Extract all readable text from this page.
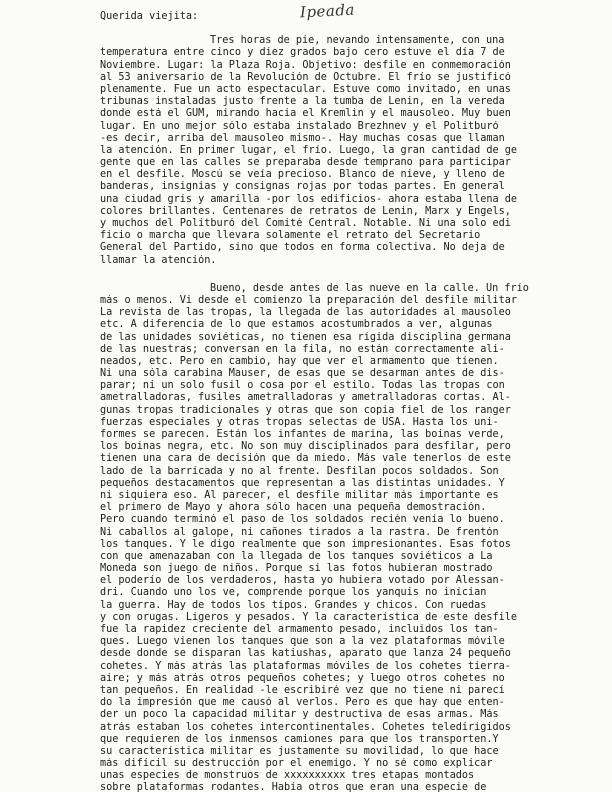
Ipeada
Querida viejita:
Tres horas de pie, nevando intensamente, con una
temperatura entre cinco y diez grados bajo cero estuve el día 7 de
Noviembre. Lugar: la Plaza Roja. Objetivo: desfile en conmemoración
al 53 aniversario de la Revolución de Octubre. El frío se justificó
plenamente. Fue un acto espectacular. Estuve como invitado, en unas
tribunas instaladas justo frente a la tumba de Lenin, en la vereda
donde está el GUM, mirando hacia el Kremlin y el mausoleo. Muy buen
lugar. En uno mejor sólo estaba instalado Brezhnev y el Politburó
-es decir, arriba del mausoleo mismo-. Hay muchas cosas que llaman
la atención. En primer lugar, el frío. Luego, la gran cantidad de ge
gente que en las calles se preparaba desde temprano para participar
en el desfile. Moscú se veía precioso. Blanco de nieve, y lleno de
banderas, insignias y consignas rojas por todas partes. En general
una ciudad gris y amarilla -por los edificios- ahora estaba llena de
colores brillantes. Centenares de retratos de Lenin, Marx y Engels,
y muchos del Politburó del Comité Central. Notable. Ni una solo edi
ficio o marcha que llevara solamente el retrato del Secretario
General del Partido, sino que todos en forma colectiva. No deja de
llamar la atención.
Bueno, desde antes de las nueve en la calle. Un frío
más o menos. Vi desde el comienzo la preparación del desfile militar
La revista de las tropas, la llegada de las autoridades al mausoleo
etc. A diferencia de lo que estamos acostumbrados a ver, algunas
de las unidades soviéticas, no tienen esa rígida disciplina germana
de las nuestras; conversan en la fila, no están correctamente ali-
neados, etc. Pero en cambio, hay que ver el armamento que tienen.
Ni una sóla carabina Mauser, de esas que se desarman antes de dis-
parar; ni un solo fusil o cosa por el estilo. Todas las tropas con
ametralladoras, fusiles ametralladoras y ametralladoras cortas. Al-
gunas tropas tradicionales y otras que son copia fiel de los ranger
fuerzas especiales y otras tropas selectas de USA. Hasta los uni-
formes se parecen. Están los infantes de marina, las boinas verde,
los boinas negra, etc. No son muy disciplinados para desfilar, pero
tienen una cara de decisión que da miedo. Más vale tenerlos de este
lado de la barricada y no al frente. Desfilan pocos soldados. Son
pequeños destacamentos que representan a las distintas unidades. Y
ni siquiera eso. Al parecer, el desfile militar más importante es
el primero de Mayo y ahora sólo hacen una pequeña demostración.
Pero cuando terminó el paso de los soldados recién venía lo bueno.
Ni caballos al galope, ni cañones tirados a la rastra. De frentón
los tanques. Y le digo realmente que son impresionantes. Esas fotos
con que amenazaban con la llegada de los tanques soviéticos a La
Moneda son juego de niños. Porque si las fotos hubieran mostrado
el poderío de los verdaderos, hasta yo hubiera votado por Alessan-
dri. Cuando uno los ve, comprende porque los yanquis no inician
la guerra. Hay de todos los tipos. Grandes y chicos. Con ruedas
y con orugas. Ligeros y pesados. Y la característica de este desfile
fue la rapidez creciente del armamento pesado, incluidos los tan-
ques. Luego vienen los tanques que son a la vez plataformas móvile
desde donde se disparan las katiushas, aparato que lanza 24 pequeño
cohetes. Y más atrás las plataformas móviles de los cohetes tierra-
aire; y más atrás otros pequeños cohetes; y luego otros cohetes no
tan pequeños. En realidad -le escribiré vez que no tiene ni parecí
do la impresión que me causó al verlos. Pero es que hay que enten-
der un poco la capacidad militar y destructiva de esas armas. Más
atrás estaban los cohetes intercontinentales. Cohetes teledirigidos
que requieren de los inmensos camiones para que los transporten.Y
su característica militar es justamente su movilidad, lo que hace
más difícil su destrucción por el enemigo. Y no sé como explicar
unas especies de monstruos de xxxxxxxxxx tres etapas montados
sobre plataformas rodantes. Había otros que eran una especie de
